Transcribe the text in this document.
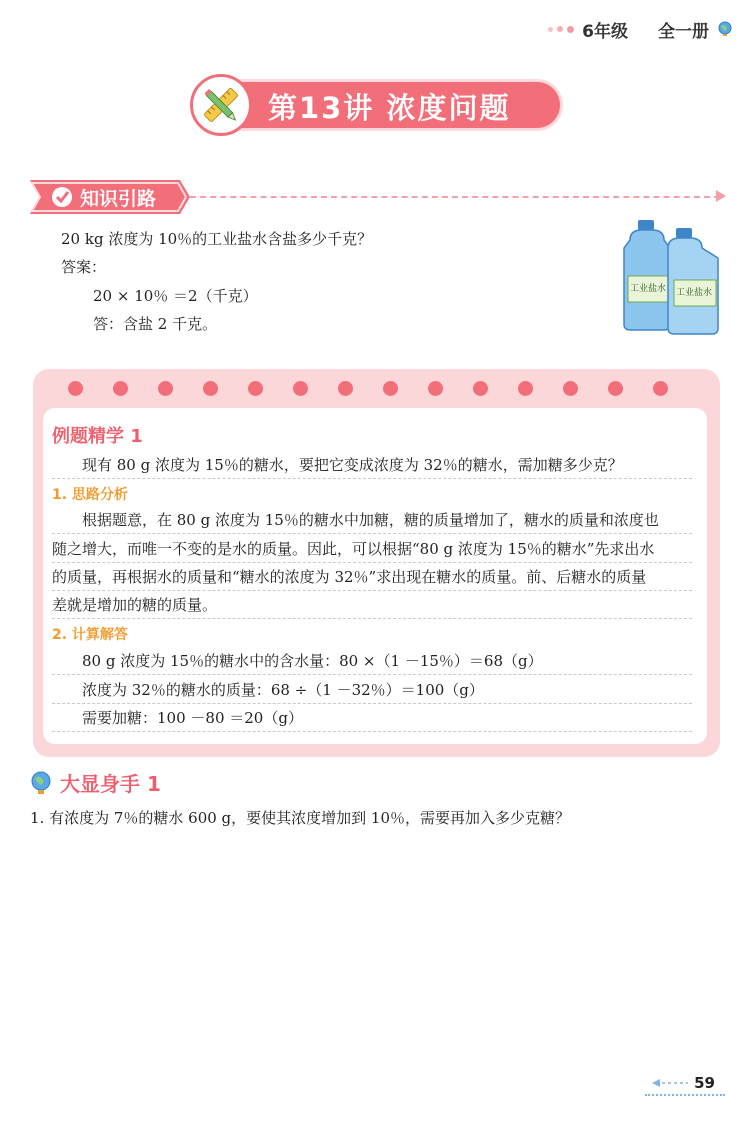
6年级 全一册
第13讲 浓度问题
知识引路
20 kg 浓度为 10％的工业盐水含盐多少千克？
答案：
20 × 10％ ＝2（千克）
答：含盐 2 千克。
工业盐水 工业盐水
例题精学 1
现有 80 g 浓度为 15％的糖水，要把它变成浓度为 32％的糖水，需加糖多少克？
1. 思路分析
根据题意，在 80 g 浓度为 15％的糖水中加糖，糖的质量增加了，糖水的质量和浓度也
随之增大，而唯一不变的是水的质量。因此，可以根据“80 g 浓度为 15％的糖水”先求出水
的质量，再根据水的质量和“糖水的浓度为 32％”求出现在糖水的质量。前、后糖水的质量
差就是增加的糖的质量。
2. 计算解答
80 g 浓度为 15％的糖水中的含水量：80 ×（1 －15％）＝68（g）
浓度为 32％的糖水的质量：68 ÷（1 －32％）＝100（g）
需要加糖：100 －80 ＝20（g）
大显身手 1
1. 有浓度为 7％的糖水 600 g，要使其浓度增加到 10％，需要再加入多少克糖？
59
